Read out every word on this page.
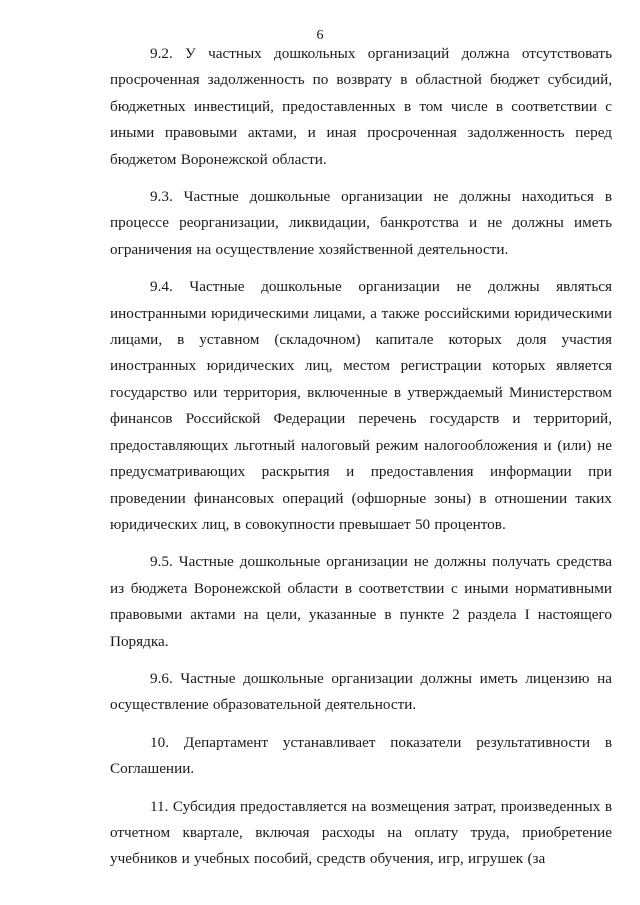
6

9.2. У частных дошкольных организаций должна отсутствовать просроченная задолженность по возврату в областной бюджет субсидий, бюджетных инвестиций, предоставленных в том числе в соответствии с иными правовыми актами, и иная просроченная задолженность перед бюджетом Воронежской области.

9.3. Частные дошкольные организации не должны находиться в процессе реорганизации, ликвидации, банкротства и не должны иметь ограничения на осуществление хозяйственной деятельности.

9.4. Частные дошкольные организации не должны являться иностранными юридическими лицами, а также российскими юридическими лицами, в уставном (складочном) капитале которых доля участия иностранных юридических лиц, местом регистрации которых является государство или территория, включенные в утверждаемый Министерством финансов Российской Федерации перечень государств и территорий, предоставляющих льготный налоговый режим налогообложения и (или) не предусматривающих раскрытия и предоставления информации при проведении финансовых операций (офшорные зоны) в отношении таких юридических лиц, в совокупности превышает 50 процентов.

9.5. Частные дошкольные организации не должны получать средства из бюджета Воронежской области в соответствии с иными нормативными правовыми актами на цели, указанные в пункте 2 раздела I настоящего Порядка.

9.6. Частные дошкольные организации должны иметь лицензию на осуществление образовательной деятельности.

10. Департамент устанавливает показатели результативности в Соглашении.

11. Субсидия предоставляется на возмещения затрат, произведенных в отчетном квартале, включая расходы на оплату труда, приобретение учебников и учебных пособий, средств обучения, игр, игрушек (за
